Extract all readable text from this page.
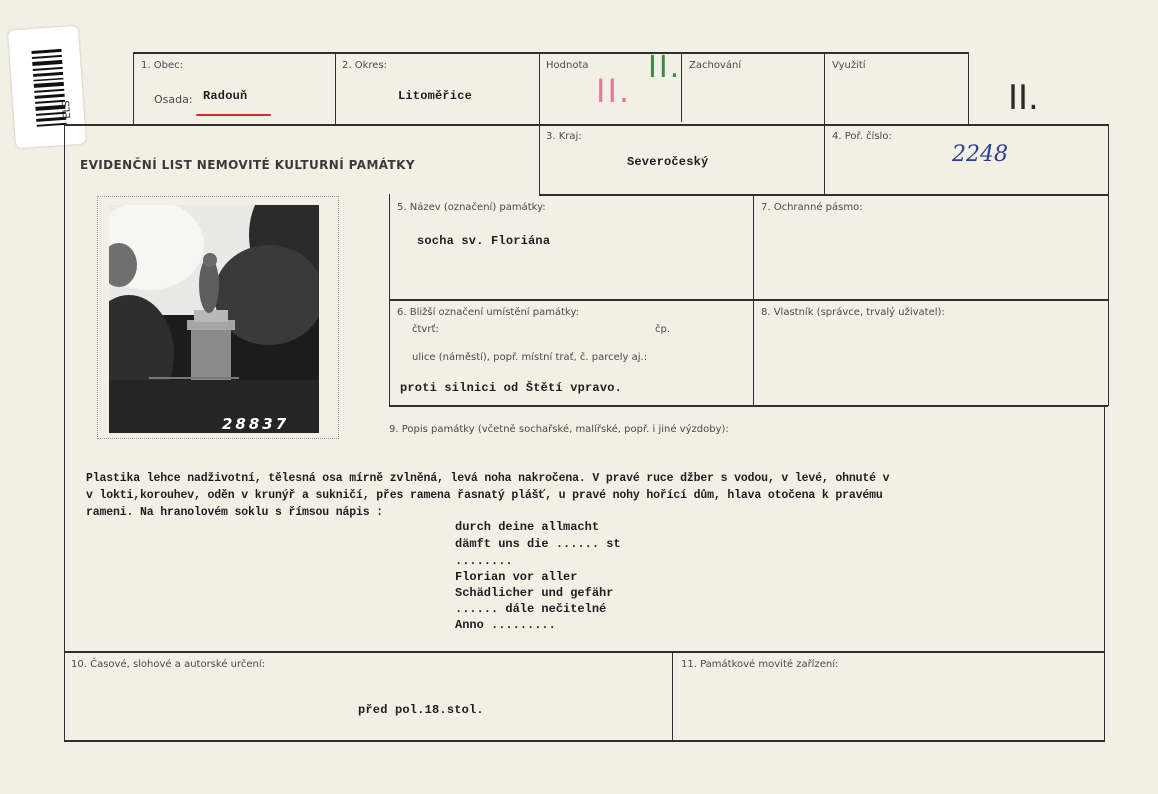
ELS
1. Obec:
Osada: Radouň
2. Okres:
Litoměřice
Hodnota
II.
II. Zachování	Využití
II.
EVIDENČNÍ LIST NEMOVITÉ KULTURNÍ PAMÁTKY
3. Kraj:
Severočeský
4. Poř. číslo:
2248
28837
5. Název (označení) památky:
socha sv. Floriána
7. Ochranné pásmo:
6. Bližší označení umístění památky:
čtvrť:	čp.
ulice (náměstí), popř. místní trať, č. parcely aj.:
proti silnici od Štětí vpravo.
8. Vlastník (správce, trvalý uživatel):
9. Popis památky (včetně sochařské, malířské, popř. i jiné výzdoby):
Plastika lehce nadživotní, tělesná osa mírně zvlněná, levá noha nakročena. V pravé ruce džber s vodou, v levé, ohnuté v
v lokti,korouhev, oděn v krunýř a sukničí, přes ramena řasnatý plášť, u pravé nohy hořící dům, hlava otočena k pravému
rameni. Na hranolovém soklu s římsou nápis :
durch deine allmacht
dämft uns die ...... st
........
Florian vor aller
Schädlicher und gefähr
...... dále nečitelné
Anno .........
10. Časové, slohové a autorské určení:
před pol.18.stol.
11. Památkové movité zařízení:
